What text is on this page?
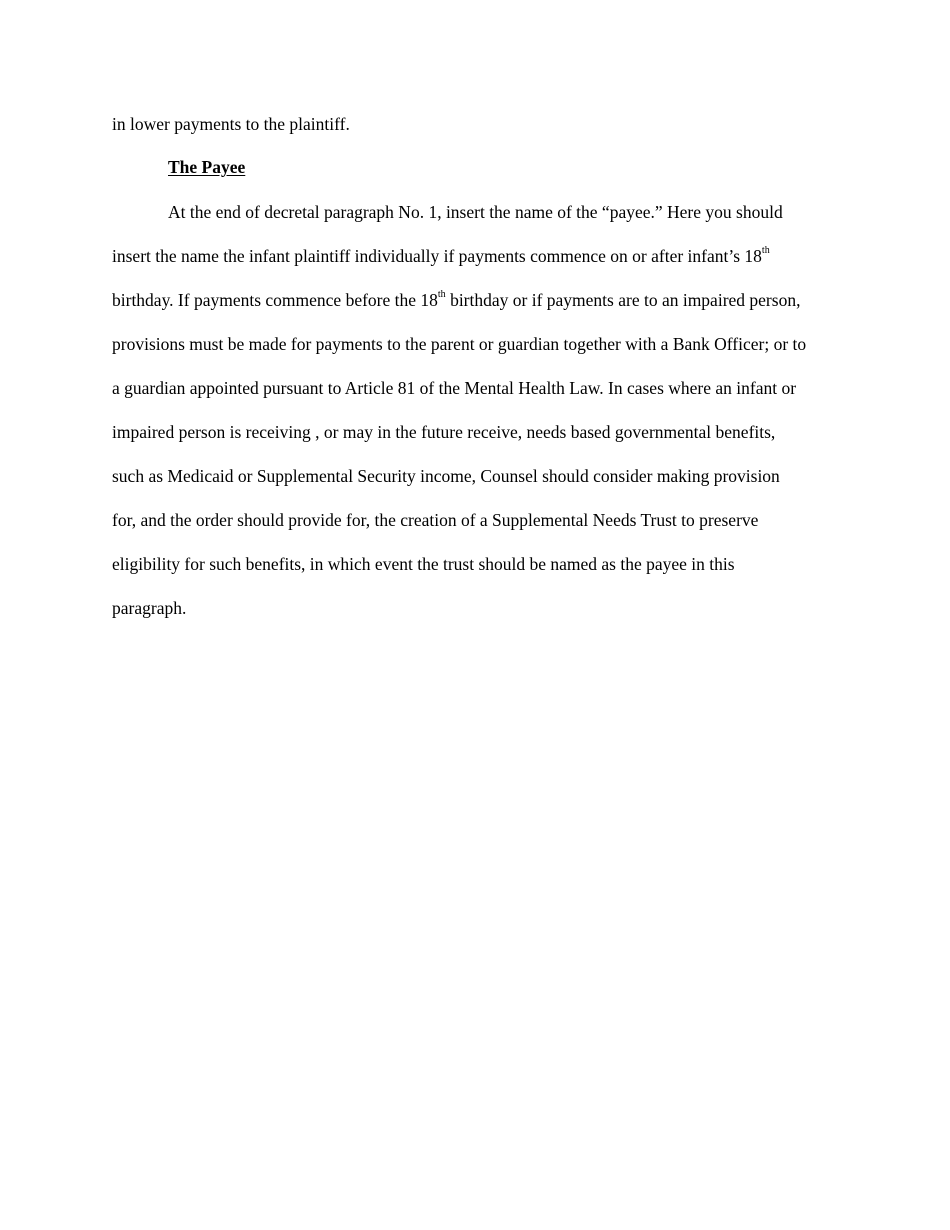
in lower payments to the plaintiff.
The Payee
At the end of decretal paragraph No. 1, insert the name of the “payee.” Here you should
insert the name the infant plaintiff individually if payments commence on or after infant’s 18th
birthday. If payments commence before the 18th birthday or if payments are to an impaired person,
provisions must be made for payments to the parent or guardian together with a Bank Officer; or to
a guardian appointed pursuant to Article 81 of the Mental Health Law. In cases where an infant or
impaired person is receiving , or may in the future receive, needs based governmental benefits,
such as Medicaid or Supplemental Security income, Counsel should consider making provision
for, and the order should provide for, the creation of a Supplemental Needs Trust to preserve
eligibility for such benefits, in which event the trust should be named as the payee in this
paragraph.
